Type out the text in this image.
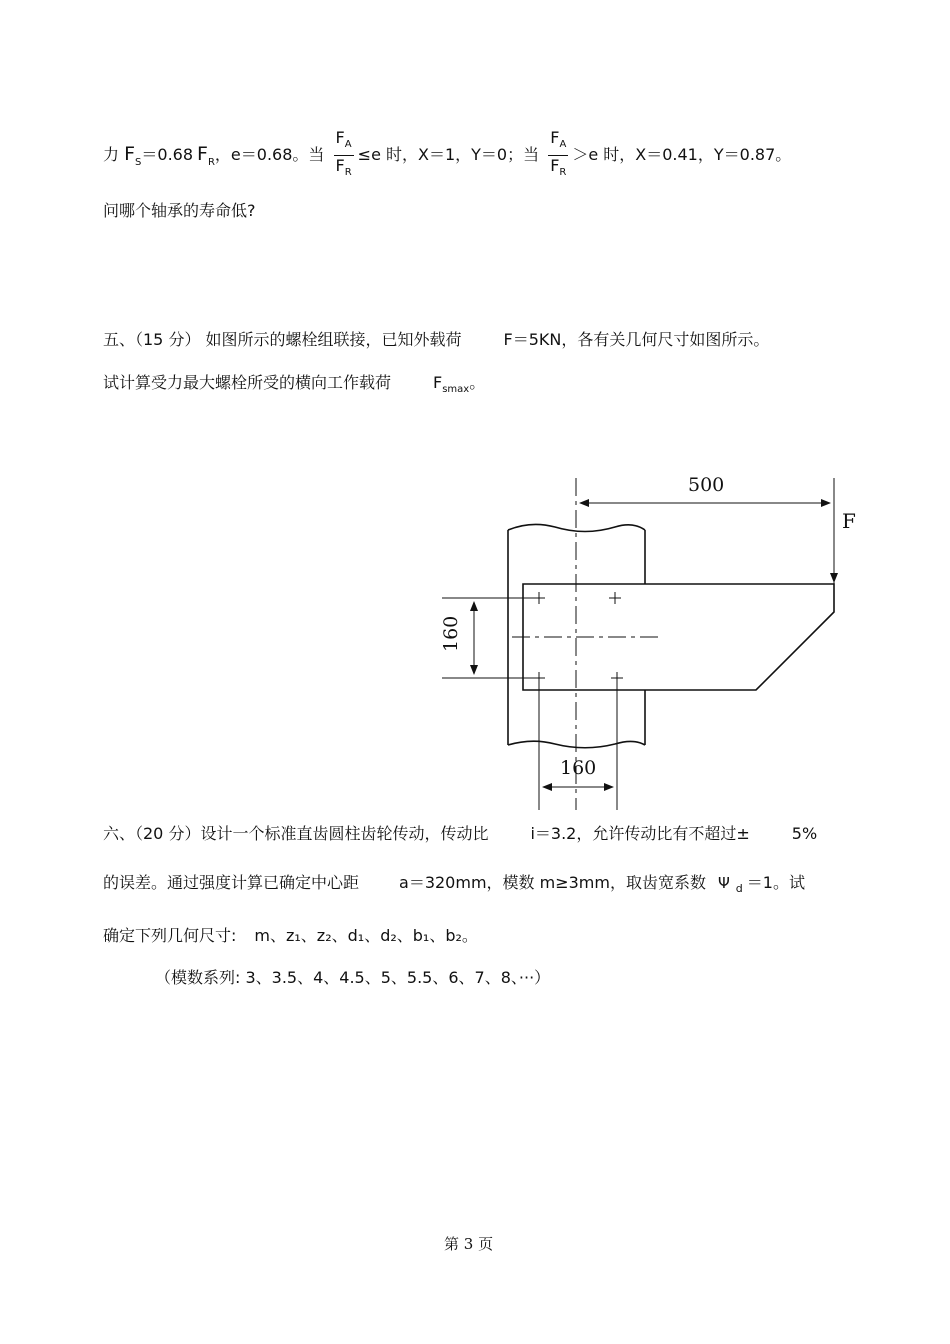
力 $F_S=0.68$ $F_R$，e＝0.68。当 $\frac{F_A}{F_R} \le e$ 时，X＝1，Y＝0；当 $\frac{F_A}{F_R} >e$ 时，X＝0.41，Y＝0.87。
问哪个轴承的寿命低?
五、（15 分） 如图所示的螺栓组联接，已知外载荷	F＝5KN，各有关几何尺寸如图所示。
试计算受力最大螺栓所受的横向工作载荷	$F_{smax}$。
500
F
160
160
六、（20 分）设计一个标准直齿圆柱齿轮传动，传动比	i＝3.2，允许传动比有不超过±	5%
的误差。通过强度计算已确定中心距	a＝320mm，模数 m≥3mm，取齿宽系数 Ψ $_d$ ＝1。试
确定下列几何尺寸: m、z₁、z₂、d₁、d₂、b₁、b₂。
（模数系列: 3、3.5、4、4.5、5、5.5、6、7、8、···）
第 3 页
